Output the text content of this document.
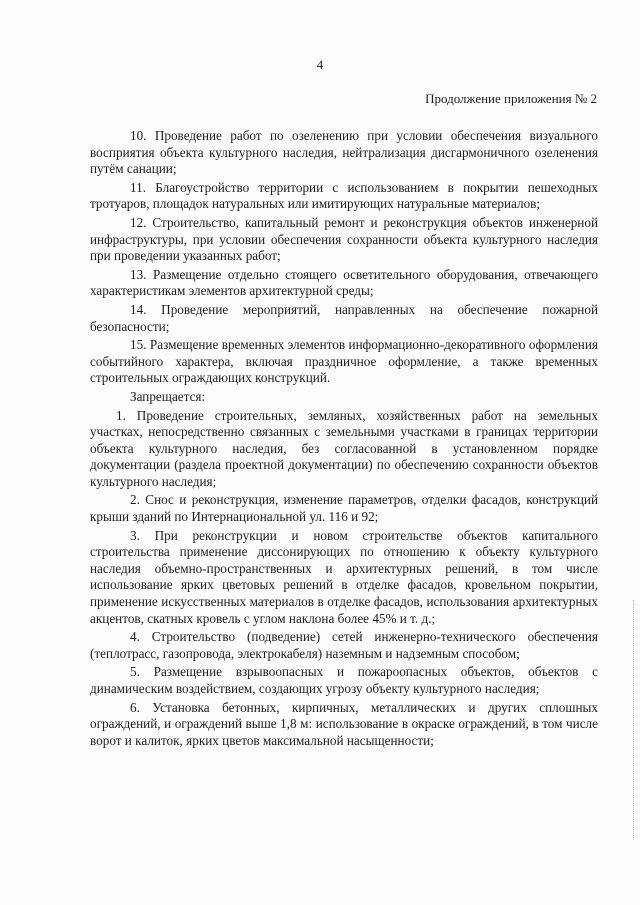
4
Продолжение приложения № 2

10. Проведение работ по озеленению при условии обеспечения визуального восприятия объекта культурного наследия, нейтрализация дисгармоничного озеленения путём санации;

11. Благоустройство территории с использованием в покрытии пешеходных тротуаров, площадок натуральных или имитирующих натуральные материалов;

12. Строительство, капитальный ремонт и реконструкция объектов инженерной инфраструктуры, при условии обеспечения сохранности объекта культурного наследия при проведении указанных работ;

13. Размещение отдельно стоящего осветительного оборудования, отвечающего характеристикам элементов архитектурной среды;

14. Проведение мероприятий, направленных на обеспечение пожарной безопасности;

15. Размещение временных элементов информационно-декоративного оформления событийного характера, включая праздничное оформление, а также временных строительных ограждающих конструкций.

Запрещается:

1. Проведение строительных, земляных, хозяйственных работ на земельных участках, непосредственно связанных с земельными участками в границах территории объекта культурного наследия, без согласованной в установленном порядке документации (раздела проектной документации) по обеспечению сохранности объектов культурного наследия;

2. Снос и реконструкция, изменение параметров, отделки фасадов, конструкций крыши зданий по Интернациональной ул. 116 и 92;

3. При реконструкции и новом строительстве объектов капитального строительства применение диссонирующих по отношению к объекту культурного наследия объемно-пространственных и архитектурных решений, в том числе использование ярких цветовых решений в отделке фасадов, кровельном покрытии, применение искусственных материалов в отделке фасадов, использования архитектурных акцентов, скатных кровель с углом наклона более 45% и т. д.;

4. Строительство (подведение) сетей инженерно-технического обеспечения (теплотрасс, газопровода, электрокабеля) наземным и надземным способом;

5. Размещение взрывоопасных и пожароопасных объектов, объектов с динамическим воздействием, создающих угрозу объекту культурного наследия;

6. Установка бетонных, кирпичных, металлических и других сплошных ограждений, и ограждений выше 1,8 м: использование в окраске ограждений, в том числе ворот и калиток, ярких цветов максимальной насыщенности;
